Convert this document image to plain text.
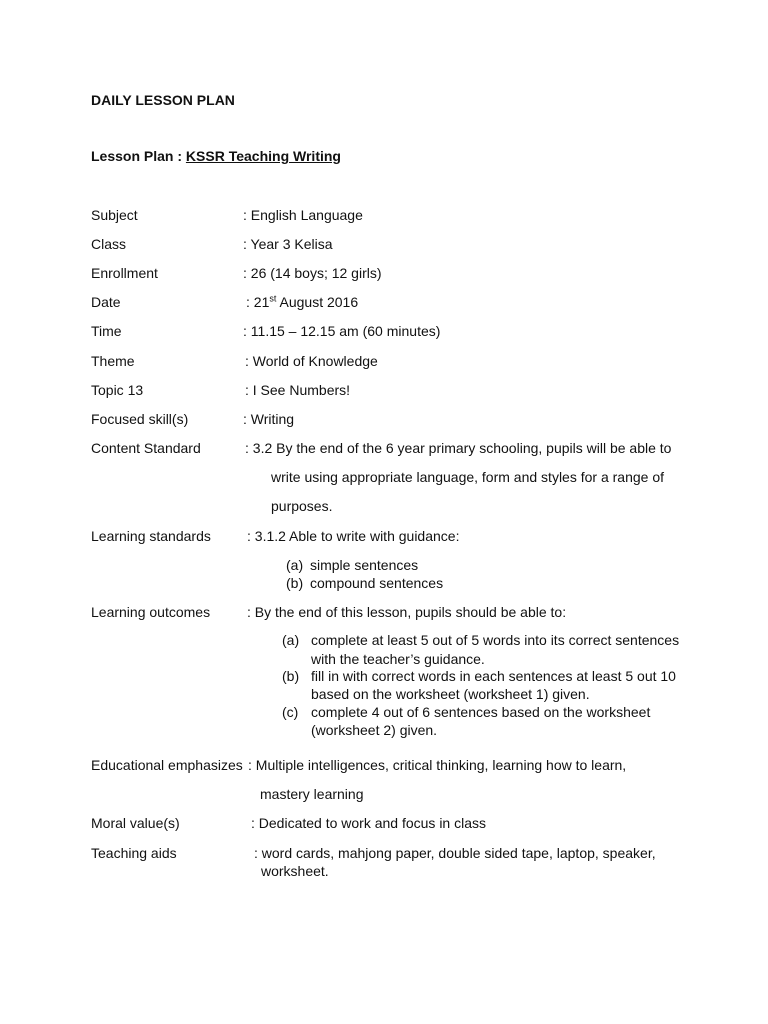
DAILY LESSON PLAN
Lesson Plan : KSSR Teaching Writing
Subject	: English Language
Class	: Year 3 Kelisa
Enrollment	: 26 (14 boys; 12 girls)
Date	: 21st August 2016
Time	: 11.15 – 12.15 am (60 minutes)
Theme	: World of Knowledge
Topic 13	: I See Numbers!
Focused skill(s)	: Writing
Content Standard	: 3.2 By the end of the 6 year primary schooling, pupils will be able to
write using appropriate language, form and styles for a range of
purposes.
Learning standards	: 3.1.2 Able to write with guidance:
(a) simple sentences
(b) compound sentences
Learning outcomes	: By the end of this lesson, pupils should be able to:
(a) complete at least 5 out of 5 words into its correct sentences
with the teacher’s guidance.
(b) fill in with correct words in each sentences at least 5 out 10
based on the worksheet (worksheet 1) given.
(c) complete 4 out of 6 sentences based on the worksheet
(worksheet 2) given.
Educational emphasizes : Multiple intelligences, critical thinking, learning how to learn,
mastery learning
Moral value(s)	: Dedicated to work and focus in class
Teaching aids	: word cards, mahjong paper, double sided tape, laptop, speaker,
worksheet.
